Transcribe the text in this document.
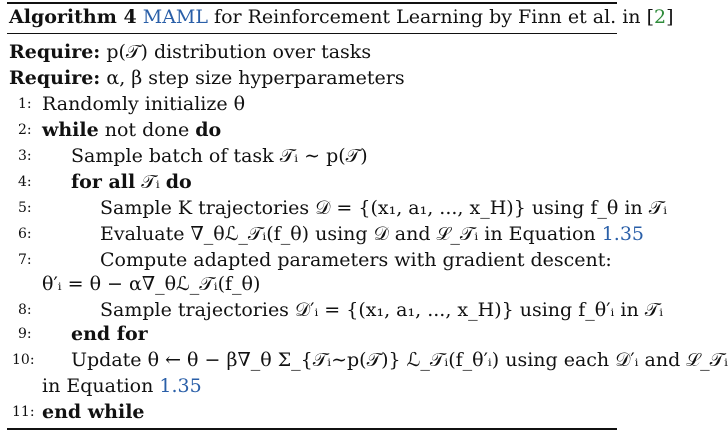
Algorithm 4 MAML for Reinforcement Learning by Finn et al. in [2]
Require: p(𝒯) distribution over tasks
Require: α, β step size hyperparameters
1: Randomly initialize θ
2: while not done do
3: Sample batch of task 𝒯ᵢ ∼ p(𝒯)
4: for all 𝒯ᵢ do
5:	Sample K trajectories 𝒟 = {(x₁, a₁, ..., x_H)} using f_θ in 𝒯ᵢ
6:	Evaluate ∇_θℒ_𝒯ᵢ(f_θ) using 𝒟 and ℒ_𝒯ᵢ in Equation 1.35
7:	Compute adapted parameters with gradient descent:
θ′ᵢ = θ − α∇_θℒ_𝒯ᵢ(f_θ)
8:	Sample trajectories 𝒟′ᵢ = {(x₁, a₁, ..., x_H)} using f_θ′ᵢ in 𝒯ᵢ
9: end for
10: Update θ ← θ − β∇_θ Σ_{𝒯ᵢ∼p(𝒯)} ℒ_𝒯ᵢ(f_θ′ᵢ) using each 𝒟′ᵢ and ℒ_𝒯ᵢ
in Equation 1.35
11: end while
